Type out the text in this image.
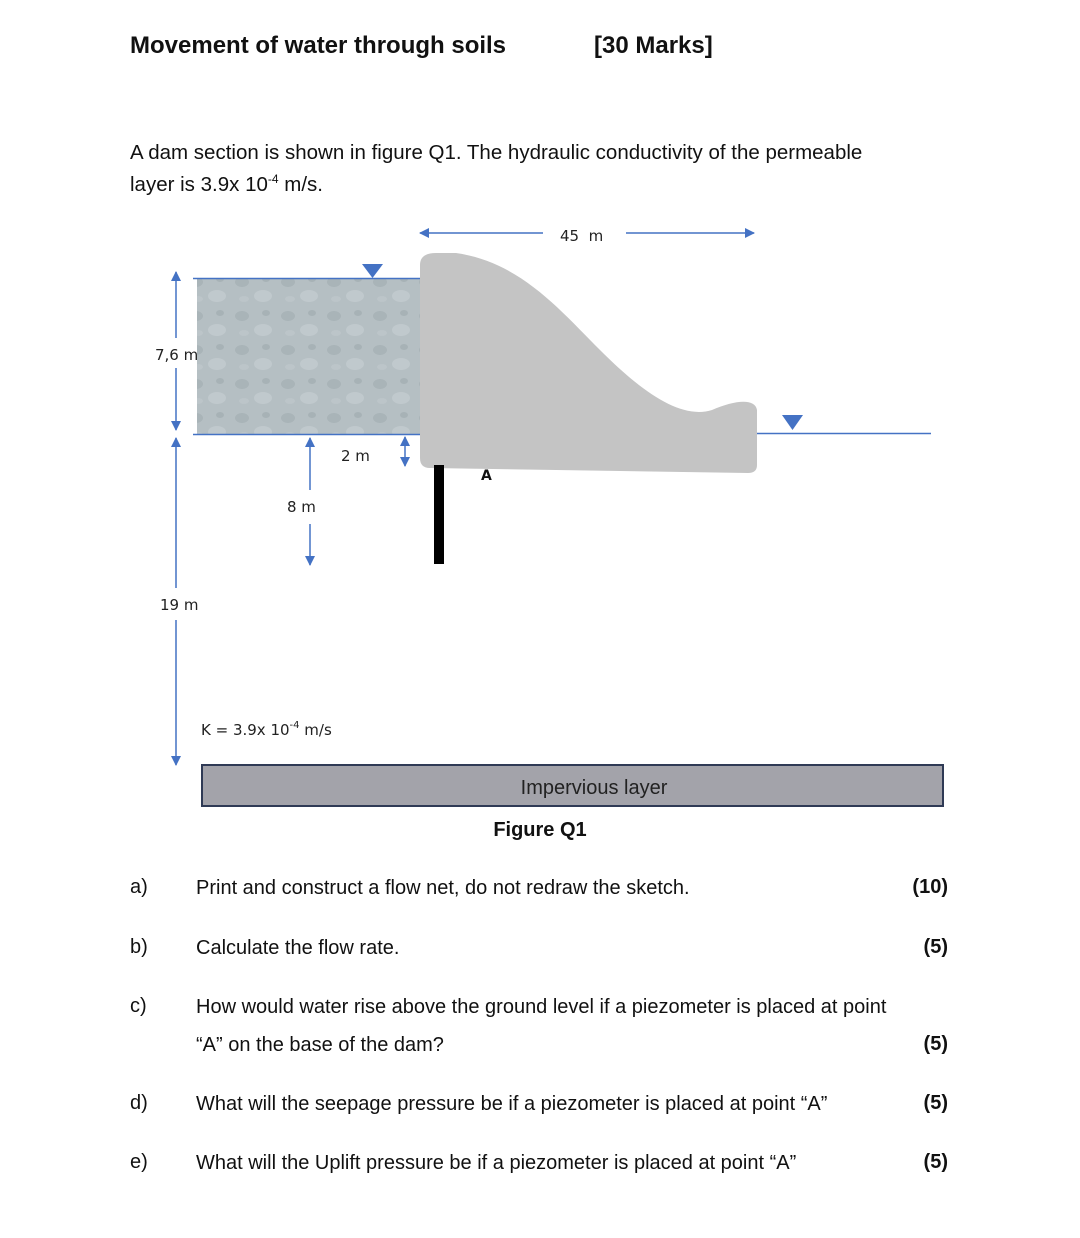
Movement of water through soils	[30 Marks]
A dam section is shown in figure Q1. The hydraulic conductivity of the permeable
layer is 3.9x $10^{-4}$ m/s.
A
45  m
7,6 m
19 m
8 m
2 m
K = 3.9x $10^{-4}$ m/s
Impervious layer
Figure Q1
a) Print and construct a flow net, do not redraw the sketch.	(10)
b) Calculate the flow rate.	(5)
c) How would water rise above the ground level if a piezometer is placed at point
“A” on the base of the dam?	(5)
d) What will the seepage pressure be if a piezometer is placed at point “A”	(5)
e) What will the Uplift pressure be if a piezometer is placed at point “A”	(5)
